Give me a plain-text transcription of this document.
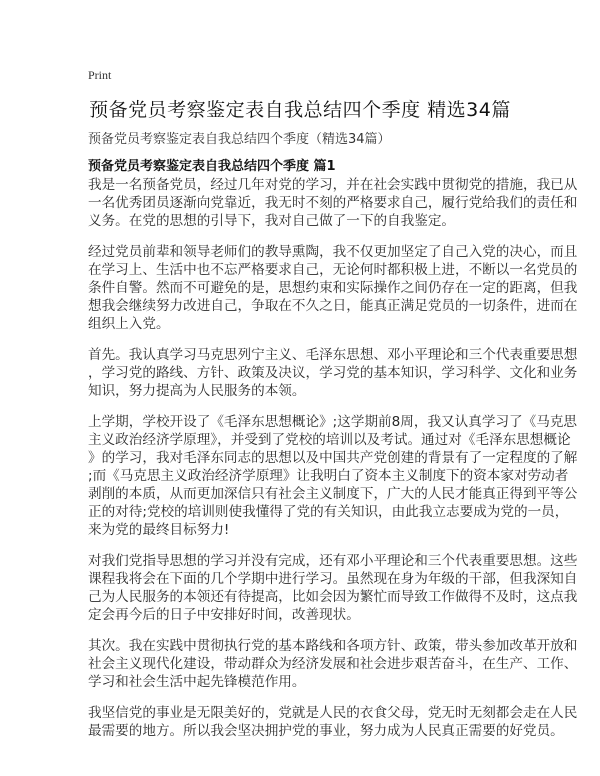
Print
预备党员考察鉴定表自我总结四个季度 精选34篇
预备党员考察鉴定表自我总结四个季度（精选34篇）
预备党员考察鉴定表自我总结四个季度 篇1
我是一名预备党员，经过几年对党的学习，并在社会实践中贯彻党的措施，我已从
一名优秀团员逐渐向党靠近，我无时不刻的严格要求自己，履行党给我们的责任和
义务。在党的思想的引导下，我对自己做了一下的自我鉴定。
经过党员前辈和领导老师们的教导熏陶，我不仅更加坚定了自己入党的决心，而且
在学习上、生活中也不忘严格要求自己，无论何时都积极上进，不断以一名党员的
条件自警。然而不可避免的是，思想约束和实际操作之间仍存在一定的距离，但我
想我会继续努力改进自己，争取在不久之日，能真正满足党员的一切条件，进而在
组织上入党。
首先。我认真学习马克思列宁主义、毛泽东思想、邓小平理论和三个代表重要思想
，学习党的路线、方针、政策及决议，学习党的基本知识，学习科学、文化和业务
知识，努力提高为人民服务的本领。
上学期，学校开设了《毛泽东思想概论》;这学期前8周，我又认真学习了《马克思
主义政治经济学原理》，并受到了党校的培训以及考试。通过对《毛泽东思想概论
》的学习，我对毛泽东同志的思想以及中国共产党创建的背景有了一定程度的了解
;而《马克思主义政治经济学原理》让我明白了资本主义制度下的资本家对劳动者
剥削的本质，从而更加深信只有社会主义制度下，广大的人民才能真正得到平等公
正的对待;党校的培训则使我懂得了党的有关知识，由此我立志要成为党的一员，
来为党的最终目标努力!
对我们党指导思想的学习并没有完成，还有邓小平理论和三个代表重要思想。这些
课程我将会在下面的几个学期中进行学习。虽然现在身为年级的干部，但我深知自
己为人民服务的本领还有待提高，比如会因为繁忙而导致工作做得不及时，这点我
定会再今后的日子中安排好时间，改善现状。
其次。我在实践中贯彻执行党的基本路线和各项方针、政策，带头参加改革开放和
社会主义现代化建设，带动群众为经济发展和社会进步艰苦奋斗，在生产、工作、
学习和社会生活中起先锋模范作用。
我坚信党的事业是无限美好的，党就是人民的衣食父母，党无时无刻都会走在人民
最需要的地方。所以我会坚决拥护党的事业，努力成为人民真正需要的好党员。
